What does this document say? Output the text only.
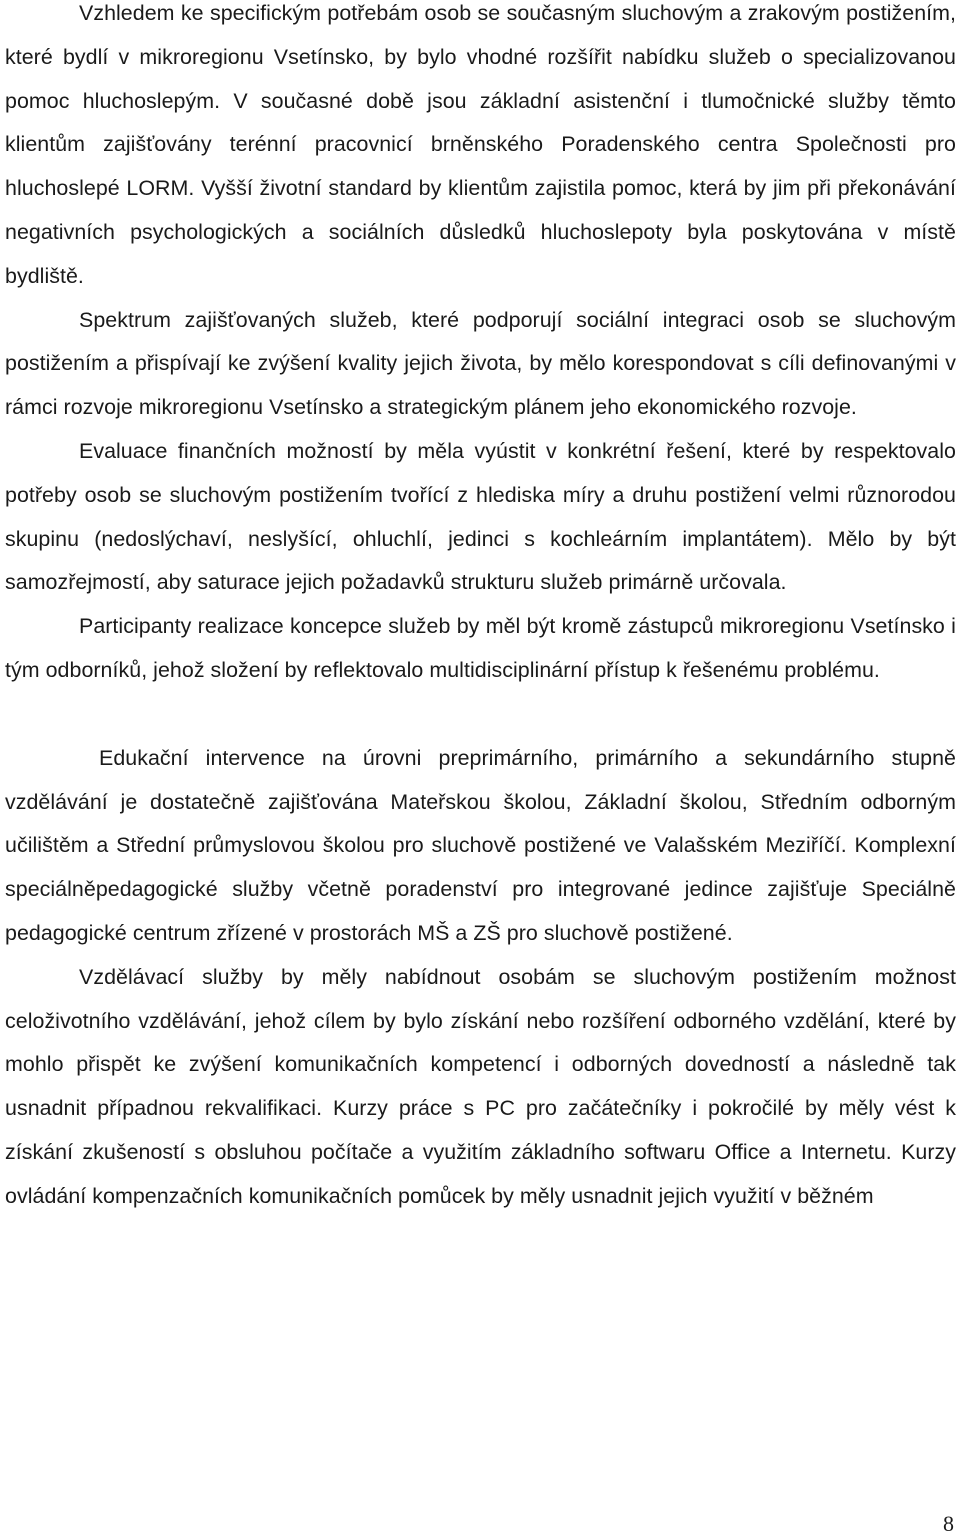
Vzhledem ke specifickým potřebám osob se současným sluchovým a zrakovým postižením, které bydlí v mikroregionu Vsetínsko, by bylo vhodné rozšířit nabídku služeb o specializovanou pomoc hluchoslepým. V současné době jsou základní asistenční i tlumočnické služby těmto klientům zajišťovány terénní pracovnicí brněnského Poradenského centra Společnosti pro hluchoslepé LORM. Vyšší životní standard by klientům zajistila pomoc, která by jim při překonávání negativních psychologických a sociálních důsledků hluchoslepoty byla poskytována v místě bydliště.

Spektrum zajišťovaných služeb, které podporují sociální integraci osob se sluchovým postižením a přispívají ke zvýšení kvality jejich života, by mělo korespondovat s cíli definovanými v rámci rozvoje mikroregionu Vsetínsko a strategickým plánem jeho ekonomického rozvoje.

Evaluace finančních možností by měla vyústit v konkrétní řešení, které by respektovalo potřeby osob se sluchovým postižením tvořící z hlediska míry a druhu postižení velmi různorodou skupinu (nedoslýchaví, neslyšící, ohluchlí, jedinci s kochleárním implantátem). Mělo by být samozřejmostí, aby saturace jejich požadavků strukturu služeb primárně určovala.

Participanty realizace koncepce služeb by měl být kromě zástupců mikroregionu Vsetínsko i tým odborníků, jehož složení by reflektovalo multidisciplinární přístup k řešenému problému.

Edukační intervence na úrovni preprimárního, primárního a sekundárního stupně vzdělávání je dostatečně zajišťována Mateřskou školou, Základní školou, Středním odborným učilištěm a Střední průmyslovou školou pro sluchově postižené ve Valašském Meziříčí. Komplexní speciálněpedagogické služby včetně poradenství pro integrované jedince zajišťuje Speciálně pedagogické centrum zřízené v prostorách MŠ a ZŠ pro sluchově postižené.

Vzdělávací služby by měly nabídnout osobám se sluchovým postižením možnost celoživotního vzdělávání, jehož cílem by bylo získání nebo rozšíření odborného vzdělání, které by mohlo přispět ke zvýšení komunikačních kompetencí i odborných dovedností a následně tak usnadnit případnou rekvalifikaci. Kurzy práce s PC pro začátečníky i pokročilé by měly vést k získání zkušeností s obsluhou počítače a využitím základního softwaru Office a Internetu. Kurzy ovládání kompenzačních komunikačních pomůcek by měly usnadnit jejich využití v běžném

8
